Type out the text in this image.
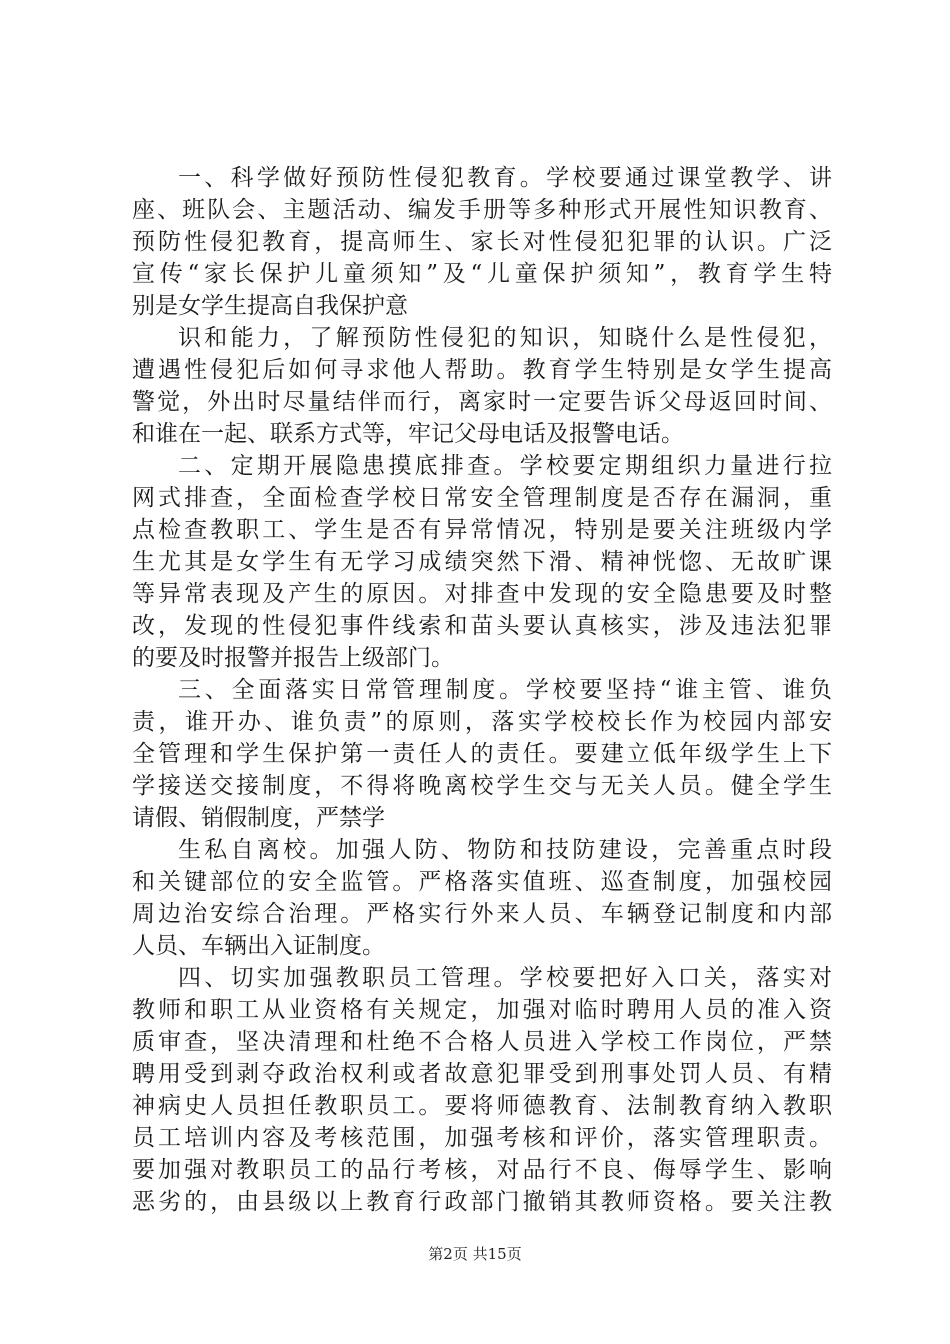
一、科学做好预防性侵犯教育。学校要通过课堂教学、讲
座、班队会、主题活动、编发手册等多种形式开展性知识教育、
预防性侵犯教育，提高师生、家长对性侵犯犯罪的认识。广泛
宣传“家长保护儿童须知”及“儿童保护须知”，教育学生特
别是女学生提高自我保护意
识和能力，了解预防性侵犯的知识，知晓什么是性侵犯，
遭遇性侵犯后如何寻求他人帮助。教育学生特别是女学生提高
警觉，外出时尽量结伴而行，离家时一定要告诉父母返回时间、
和谁在一起、联系方式等，牢记父母电话及报警电话。
二、定期开展隐患摸底排查。学校要定期组织力量进行拉
网式排查，全面检查学校日常安全管理制度是否存在漏洞，重
点检查教职工、学生是否有异常情况，特别是要关注班级内学
生尤其是女学生有无学习成绩突然下滑、精神恍惚、无故旷课
等异常表现及产生的原因。对排查中发现的安全隐患要及时整
改，发现的性侵犯事件线索和苗头要认真核实，涉及违法犯罪
的要及时报警并报告上级部门。
三、全面落实日常管理制度。学校要坚持“谁主管、谁负
责，谁开办、谁负责”的原则，落实学校校长作为校园内部安
全管理和学生保护第一责任人的责任。要建立低年级学生上下
学接送交接制度，不得将晚离校学生交与无关人员。健全学生
请假、销假制度，严禁学
生私自离校。加强人防、物防和技防建设，完善重点时段
和关键部位的安全监管。严格落实值班、巡查制度，加强校园
周边治安综合治理。严格实行外来人员、车辆登记制度和内部
人员、车辆出入证制度。
四、切实加强教职员工管理。学校要把好入口关，落实对
教师和职工从业资格有关规定，加强对临时聘用人员的准入资
质审查，坚决清理和杜绝不合格人员进入学校工作岗位，严禁
聘用受到剥夺政治权利或者故意犯罪受到刑事处罚人员、有精
神病史人员担任教职员工。要将师德教育、法制教育纳入教职
员工培训内容及考核范围，加强考核和评价，落实管理职责。
要加强对教职员工的品行考核，对品行不良、侮辱学生、影响
恶劣的，由县级以上教育行政部门撤销其教师资格。要关注教
第2页 共15页
